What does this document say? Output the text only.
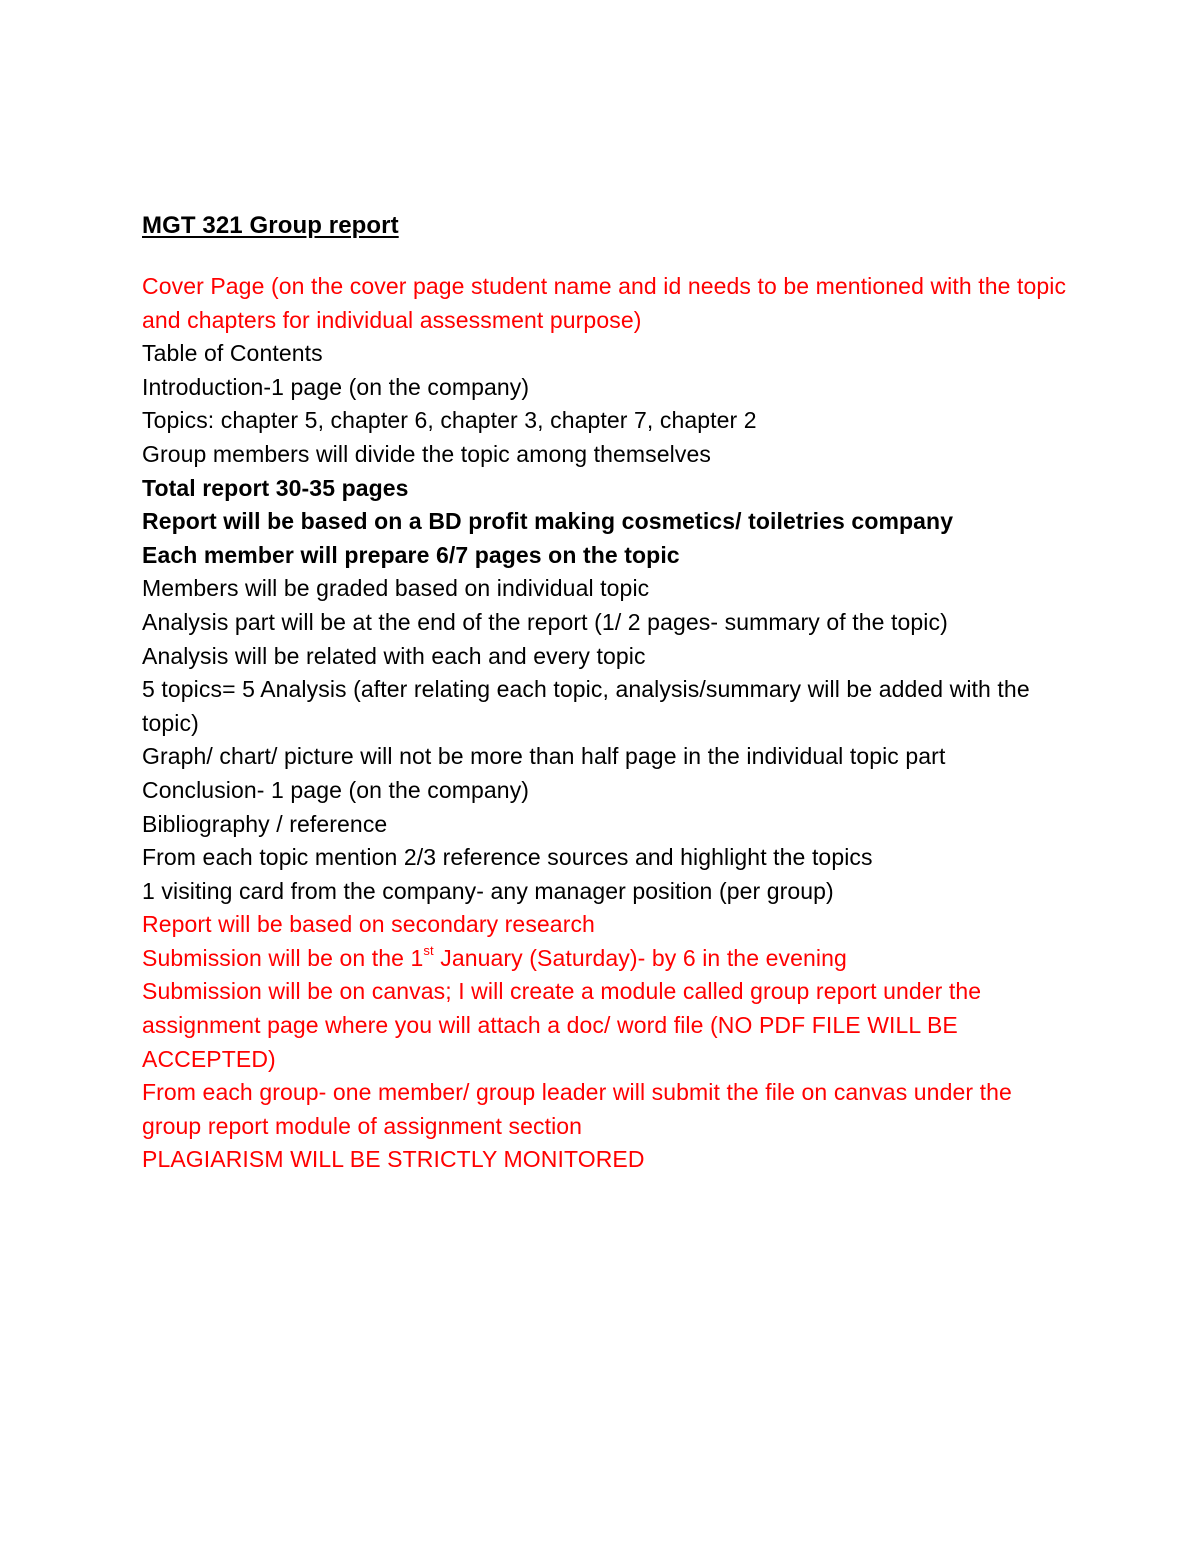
MGT 321 Group report

Cover Page (on the cover page student name and id needs to be mentioned with the topic and chapters for individual assessment purpose)

Table of Contents

Introduction-1 page (on the company)

Topics: chapter 5, chapter 6, chapter 3, chapter 7, chapter 2

Group members will divide the topic among themselves

Total report 30-35 pages

Report will be based on a BD profit making cosmetics/ toiletries company

Each member will prepare 6/7 pages on the topic

Members will be graded based on individual topic

Analysis part will be at the end of the report (1/ 2 pages- summary of the topic)

Analysis will be related with each and every topic

5 topics= 5 Analysis (after relating each topic, analysis/summary will be added with the topic)

Graph/ chart/ picture will not be more than half page in the individual topic part

Conclusion- 1 page (on the company)

Bibliography / reference

From each topic mention 2/3 reference sources and highlight the topics

1 visiting card from the company- any manager position (per group)

Report will be based on secondary research

Submission will be on the 1st January (Saturday)- by 6 in the evening

Submission will be on canvas; I will create a module called group report under the assignment page where you will attach a doc/ word file (NO PDF FILE WILL BE ACCEPTED)

From each group- one member/ group leader will submit the file on canvas under the group report module of assignment section

PLAGIARISM WILL BE STRICTLY MONITORED
